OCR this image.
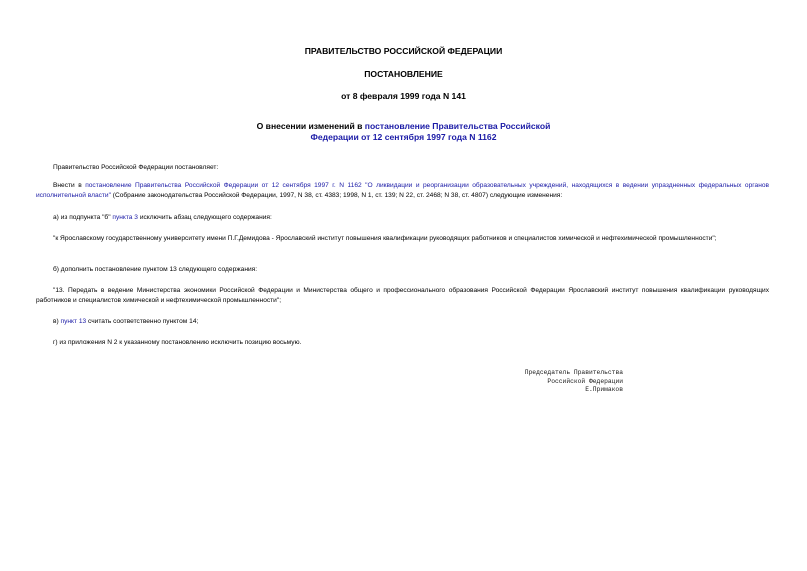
ПРАВИТЕЛЬСТВО РОССИЙСКОЙ ФЕДЕРАЦИИ
ПОСТАНОВЛЕНИЕ
от 8 февраля 1999 года N 141
О внесении изменений в постановление Правительства Российской
Федерации от 12 сентября 1997 года N 1162
Правительство Российской Федерации постановляет:
Внести в постановление Правительства Российской Федерации от 12 сентября 1997 г. N 1162 "О ликвидации и реорганизации образовательных учреждений, находящихся в ведении упраздненных федеральных органов исполнительной власти" (Собрание законодательства Российской Федерации, 1997, N 38, ст. 4383; 1998, N 1, ст. 139; N 22, ст. 2468; N 38, ст. 4807) следующие изменения:
а) из подпункта "б" пункта 3 исключить абзац следующего содержания:
"к Ярославскому государственному университету имени П.Г.Демидова - Ярославский институт повышения квалификации руководящих работников и специалистов химической и нефтехимической промышленности";
б) дополнить постановление пунктом 13 следующего содержания:
"13. Передать в ведение Министерства экономики Российской Федерации и Министерства общего и профессионального образования Российской Федерации Ярославский институт повышения квалификации руководящих работников и специалистов химической и нефтехимической промышленности";
в) пункт 13 считать соответственно пунктом 14;
г) из приложения N 2 к указанному постановлению исключить позицию восьмую.
Председатель Правительства
Российской Федерации
Е.Примаков
